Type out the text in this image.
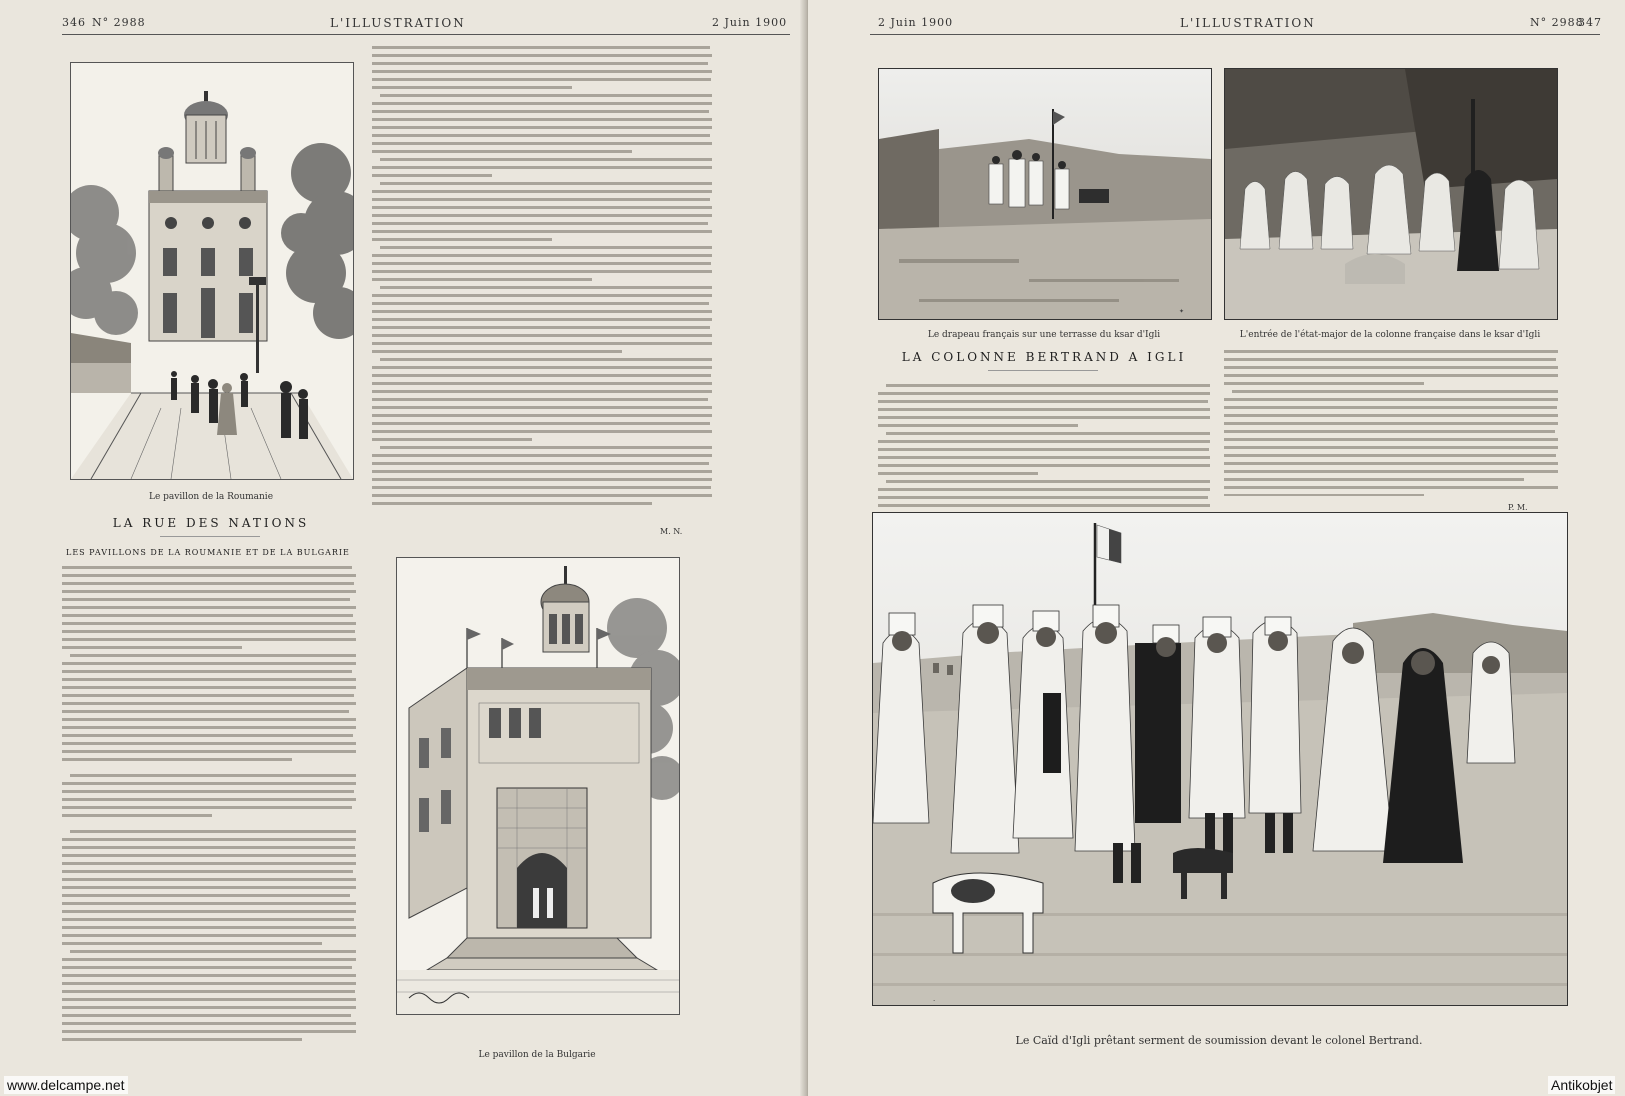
346 N° 2988	L'ILLUSTRATION	2 Juin 1900
Le pavillon de la Roumanie
LA RUE DES NATIONS
LES PAVILLONS DE LA ROUMANIE ET DE LA BULGARIE
M. N.
Le pavillon de la Bulgarie
www.delcampe.net
2 Juin 1900	L'ILLUSTRATION	N° 2988
347
✦
Le drapeau français sur une terrasse du ksar d'Igli	L'entrée de l'état-major de la colonne française dans le ksar d'Igli
LA COLONNE BERTRAND A IGLI
P. M.
.
Le Caïd d'Igli prêtant serment de soumission devant le colonel Bertrand.
Antikobjet
